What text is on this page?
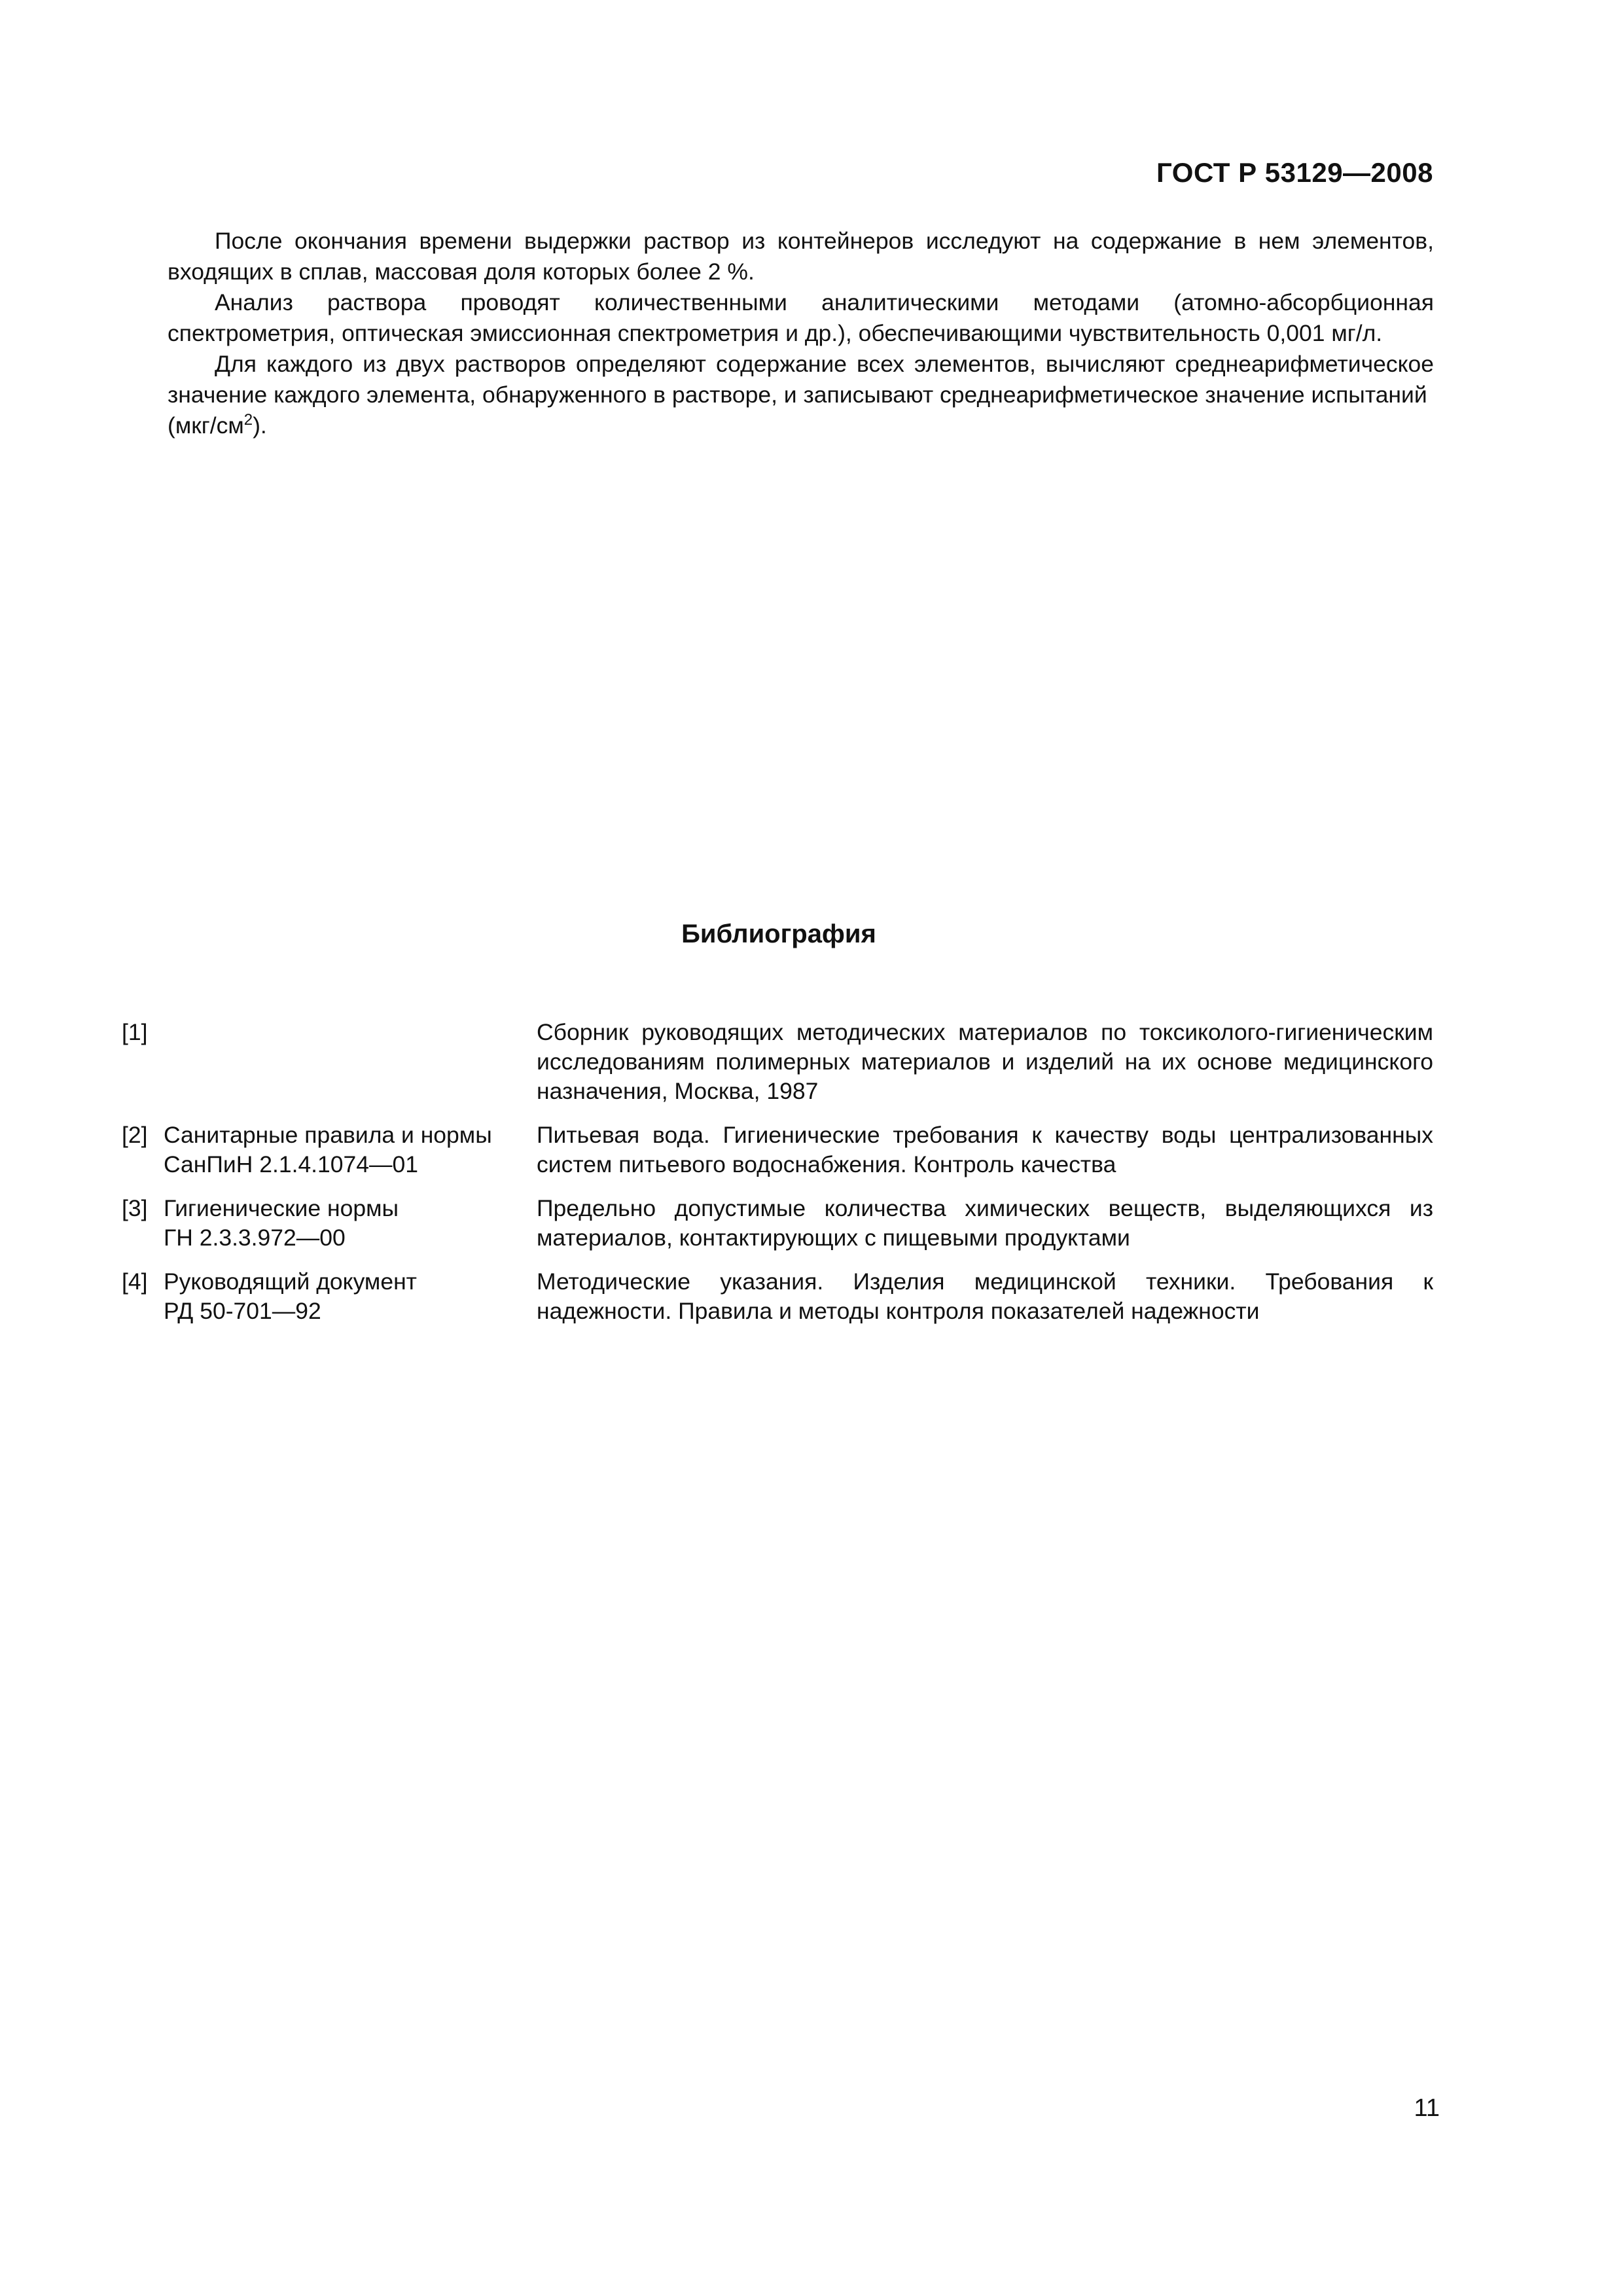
ГОСТ Р 53129—2008

После окончания времени выдержки раствор из контейнеров исследуют на содержание в нем элементов, входящих в сплав, массовая доля которых более 2 %.

Анализ раствора проводят количественными аналитическими методами (атомно-абсорбционная спектрометрия, оптическая эмиссионная спектрометрия и др.), обеспечивающими чувствительность 0,001 мг/л.

Для каждого из двух растворов определяют содержание всех элементов, вычисляют среднеарифметическое значение каждого элемента, обнаруженного в растворе, и записывают среднеарифметическое значение испытаний

$(мкг/см^2)$.
Библиография
[1]	Сборник руководящих методических материалов по токсиколого-гигиеническим исследованиям полимерных материалов и изделий на их основе медицинского назначения, Москва, 1987
[2] Санитарные правила и нормы
СанПиН 2.1.4.1074—01
Питьевая вода. Гигиенические требования к качеству воды централизованных систем питьевого водоснабжения. Контроль качества
[3] Гигиенические нормы
ГН 2.3.3.972—00
Предельно допустимые количества химических веществ, выделяющихся из материалов, контактирующих с пищевыми продуктами
[4] Руководящий документ
РД 50-701—92
Методические указания. Изделия медицинской техники. Требования к надежности. Правила и методы контроля показателей надежности
11
